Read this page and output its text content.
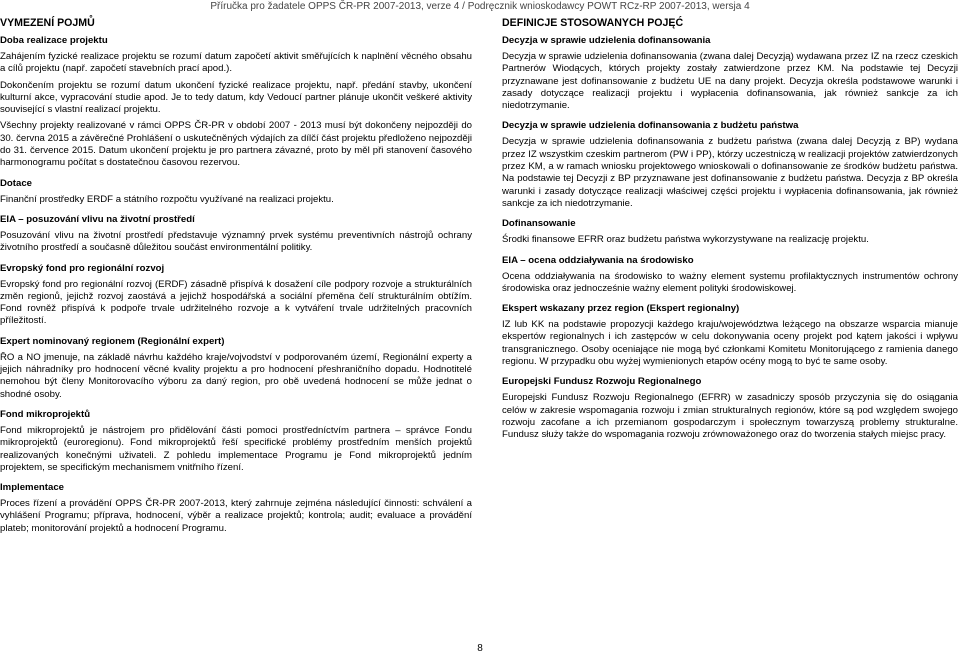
Příručka pro žadatele OPPS ČR-PR 2007-2013, verze 4 / Podręcznik wnioskodawcy POWT RCz-RP 2007-2013, wersja 4
VYMEZENÍ POJMŮ
Doba realizace projektu
Zahájením fyzické realizace projektu se rozumí datum započetí aktivit směřujících k naplnění věcného obsahu a cílů projektu (např. započetí stavebních prací apod.).
Dokončením projektu se rozumí datum ukončení fyzické realizace projektu, např. předání stavby, ukončení kulturní akce, vypracování studie apod. Je to tedy datum, kdy Vedoucí partner plánuje ukončit veškeré aktivity související s vlastní realizací projektu.
Všechny projekty realizované v rámci OPPS ČR-PR v období 2007 - 2013 musí být dokončeny nejpozději do 30. června 2015 a závěrečné Prohlášení o uskutečněných výdajích za dílčí část projektu předloženo nejpozději do 31. července 2015. Datum ukončení projektu je pro partnera závazné, proto by měl při stanovení časového harmonogramu počítat s dostatečnou časovou rezervou.
Dotace
Finanční prostředky ERDF a státního rozpočtu využívané na realizaci projektu.
EIA – posuzování vlivu na životní prostředí
Posuzování vlivu na životní prostředí představuje významný prvek systému preventivních nástrojů ochrany životního prostředí a současně důležitou součást environmentální politiky.
Evropský fond pro regionální rozvoj
Evropský fond pro regionální rozvoj (ERDF) zásadně přispívá k dosažení cíle podpory rozvoje a strukturálních změn regionů, jejichž rozvoj zaostává a jejichž hospodářská a sociální přeměna čelí strukturálním obtížím. Fond rovněž přispívá k podpoře trvale udržitelného rozvoje a k vytváření trvale udržitelných pracovních příležitostí.
Expert nominovaný regionem (Regionální expert)
ŘO a NO jmenuje, na základě návrhu každého kraje/vojvodství v podporovaném území, Regionální experty a jejich náhradníky pro hodnocení věcné kvality projektu a pro hodnocení přeshraničního dopadu. Hodnotitelé nemohou být členy Monitorovacího výboru za daný region, pro obě uvedená hodnocení se může jednat o shodné osoby.
Fond mikroprojektů
Fond mikroprojektů je nástrojem pro přidělování části pomoci prostředníctvím partnera – správce Fondu mikroprojektů (euroregionu). Fond mikroprojektů řeší specifické problémy prostředním menších projektů realizovaných konečnými uživateli. Z pohledu implementace Programu je Fond mikroprojektů jedním projektem, se specifickým mechanismem vnitřního řízení.
Implementace
Proces řízení a provádění OPPS ČR-PR 2007-2013, který zahrnuje zejména následující činnosti: schválení a vyhlášení Programu; příprava, hodnocení, výběr a realizace projektů; kontrola; audit; evaluace a provádění plateb; monitorování projektů a hodnocení Programu.
DEFINICJE STOSOWANYCH POJĘĆ
Decyzja w sprawie udzielenia dofinansowania
Decyzja w sprawie udzielenia dofinansowania (zwana dalej Decyzją) wydawana przez IZ na rzecz czeskich Partnerów Wiodących, których projekty zostały zatwierdzone przez KM. Na podstawie tej Decyzji przyznawane jest dofinansowanie z budżetu UE na dany projekt. Decyzja określa podstawowe warunki i zasady dotyczące realizacji projektu i wypłacenia dofinansowania, jak również sankcje za ich niedotrzymanie.
Decyzja w sprawie udzielenia dofinansowania z budżetu państwa
Decyzja w sprawie udzielenia dofinansowania z budżetu państwa (zwana dalej Decyzją z BP) wydana przez IZ wszystkim czeskim partnerom (PW i PP), którzy uczestniczą w realizacji projektów zatwierdzonych przez KM, a w ramach wniosku projektowego wnioskowali o dofinansowanie ze środków budżetu państwa. Na podstawie tej Decyzji z BP przyznawane jest dofinansowanie z budżetu państwa. Decyzja z BP określa warunki i zasady dotyczące realizacji właściwej części projektu i wypłacenia dofinansowania, jak również sankcje za ich niedotrzymanie.
Dofinansowanie
Środki finansowe EFRR oraz budżetu państwa wykorzystywane na realizację projektu.
EIA – ocena oddziaływania na środowisko
Ocena oddziaływania na środowisko to ważny element systemu profilaktycznych instrumentów ochrony środowiska oraz jednocześnie ważny element polityki środowiskowej.
Ekspert wskazany przez region (Ekspert regionalny)
IZ lub KK na podstawie propozycji każdego kraju/województwa leżącego na obszarze wsparcia mianuje ekspertów regionalnych i ich zastępców w celu dokonywania oceny projekt pod kątem jakości i wpływu transgranicznego. Osoby oceniające nie mogą być członkami Komitetu Monitorującego z ramienia danego regionu. W przypadku obu wyżej wymienionych etapów océny mogą to być te same osoby.
Europejski Fundusz Rozwoju Regionalnego
Europejski Fundusz Rozwoju Regionalnego (EFRR) w zasadniczy sposób przyczynia się do osiągania celów w zakresie wspomagania rozwoju i zmian strukturalnych regionów, które są pod względem swojego rozwoju zacofane a ich przemianom gospodarczym i społecznym towarzyszą problemy strukturalne. Fundusz służy także do wspomagania rozwoju zrównoważonego oraz do tworzenia stałych miejsc pracy.
8
